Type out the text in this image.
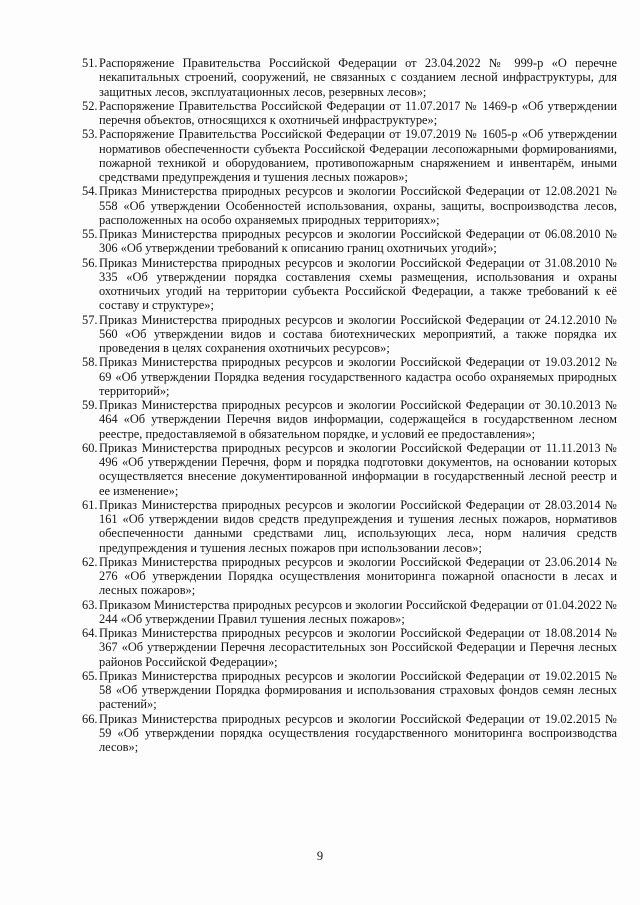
51. Распоряжение Правительства Российской Федерации от 23.04.2022 № 999-р «О перечне некапитальных строений, сооружений, не связанных с созданием лесной инфраструктуры, для защитных лесов, эксплуатационных лесов, резервных лесов»;
52. Распоряжение Правительства Российской Федерации от 11.07.2017 № 1469-р «Об утверждении перечня объектов, относящихся к охотничьей инфраструктуре»;
53. Распоряжение Правительства Российской Федерации от 19.07.2019 № 1605-р «Об утверждении нормативов обеспеченности субъекта Российской Федерации лесопожарными формированиями, пожарной техникой и оборудованием, противопожарным снаряжением и инвентарём, иными средствами предупреждения и тушения лесных пожаров»;
54. Приказ Министерства природных ресурсов и экологии Российской Федерации от 12.08.2021 № 558 «Об утверждении Особенностей использования, охраны, защиты, воспроизводства лесов, расположенных на особо охраняемых природных территориях»;
55. Приказ Министерства природных ресурсов и экологии Российской Федерации от 06.08.2010 № 306 «Об утверждении требований к описанию границ охотничьих угодий»;
56. Приказ Министерства природных ресурсов и экологии Российской Федерации от 31.08.2010 № 335 «Об утверждении порядка составления схемы размещения, использования и охраны охотничьих угодий на территории субъекта Российской Федерации, а также требований к её составу и структуре»;
57. Приказ Министерства природных ресурсов и экологии Российской Федерации от 24.12.2010 № 560 «Об утверждении видов и состава биотехнических мероприятий, а также порядка их проведения в целях сохранения охотничьих ресурсов»;
58. Приказ Министерства природных ресурсов и экологии Российской Федерации от 19.03.2012 № 69 «Об утверждении Порядка ведения государственного кадастра особо охраняемых природных территорий»;
59. Приказ Министерства природных ресурсов и экологии Российской Федерации от 30.10.2013 № 464 «Об утверждении Перечня видов информации, содержащейся в государственном лесном реестре, предоставляемой в обязательном порядке, и условий ее предоставления»;
60. Приказ Министерства природных ресурсов и экологии Российской Федерации от 11.11.2013 № 496 «Об утверждении Перечня, форм и порядка подготовки документов, на основании которых осуществляется внесение документированной информации в государственный лесной реестр и ее изменение»;
61. Приказ Министерства природных ресурсов и экологии Российской Федерации от 28.03.2014 № 161 «Об утверждении видов средств предупреждения и тушения лесных пожаров, нормативов обеспеченности данными средствами лиц, использующих леса, норм наличия средств предупреждения и тушения лесных пожаров при использовании лесов»;
62. Приказ Министерства природных ресурсов и экологии Российской Федерации от 23.06.2014 № 276 «Об утверждении Порядка осуществления мониторинга пожарной опасности в лесах и лесных пожаров»;
63. Приказом Министерства природных ресурсов и экологии Российской Федерации от 01.04.2022 № 244 «Об утверждении Правил тушения лесных пожаров»;
64. Приказ Министерства природных ресурсов и экологии Российской Федерации от 18.08.2014 № 367 «Об утверждении Перечня лесорастительных зон Российской Федерации и Перечня лесных районов Российской Федерации»;
65. Приказ Министерства природных ресурсов и экологии Российской Федерации от 19.02.2015 № 58 «Об утверждении Порядка формирования и использования страховых фондов семян лесных растений»;
66. Приказ Министерства природных ресурсов и экологии Российской Федерации от 19.02.2015 № 59 «Об утверждении порядка осуществления государственного мониторинга воспроизводства лесов»;
9
